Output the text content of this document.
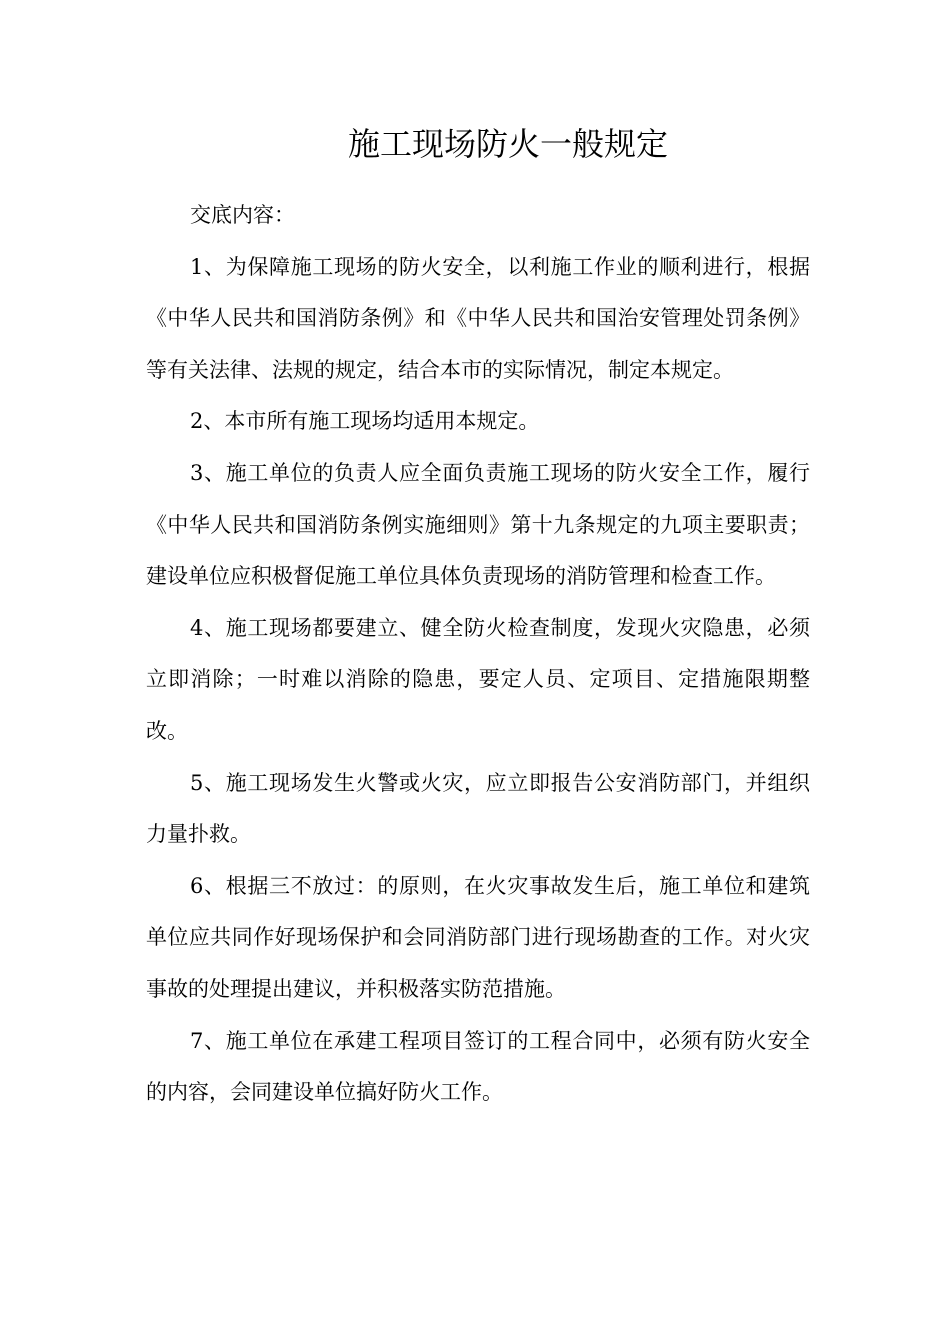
施工现场防火一般规定

交底内容：

1、为保障施工现场的防火安全，以利施工作业的顺利进行，根据《中华人民共和国消防条例》和《中华人民共和国治安管理处罚条例》等有关法律、法规的规定，结合本市的实际情况，制定本规定。

2、本市所有施工现场均适用本规定。

3、施工单位的负责人应全面负责施工现场的防火安全工作，履行《中华人民共和国消防条例实施细则》第十九条规定的九项主要职责；建设单位应积极督促施工单位具体负责现场的消防管理和检查工作。

4、施工现场都要建立、健全防火检查制度，发现火灾隐患，必须立即消除；一时难以消除的隐患，要定人员、定项目、定措施限期整改。

5、施工现场发生火警或火灾，应立即报告公安消防部门，并组织力量扑救。

6、根据三不放过：的原则，在火灾事故发生后，施工单位和建筑单位应共同作好现场保护和会同消防部门进行现场勘查的工作。对火灾事故的处理提出建议，并积极落实防范措施。

7、施工单位在承建工程项目签订的工程合同中，必须有防火安全的内容，会同建设单位搞好防火工作。
